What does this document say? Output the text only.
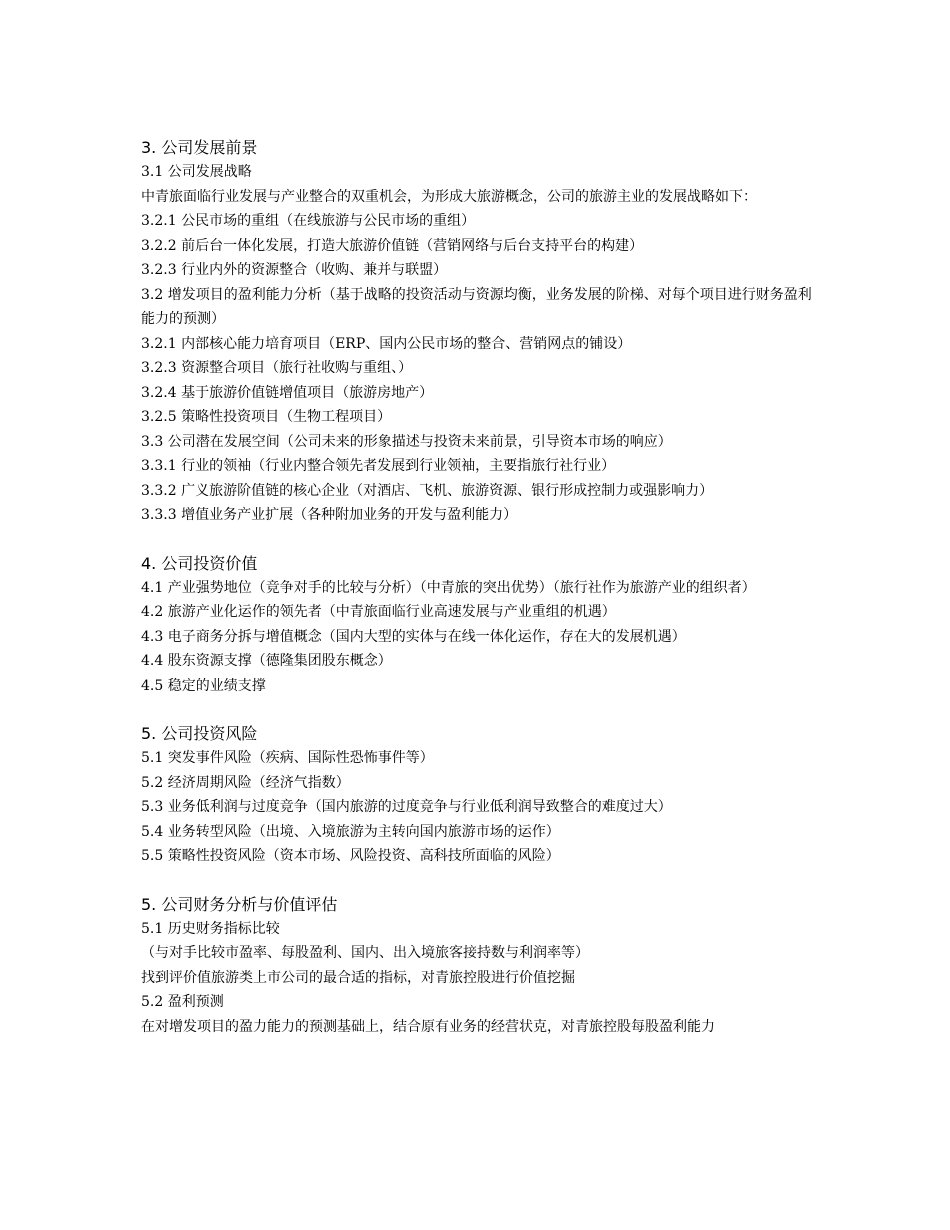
3. 公司发展前景

3.1 公司发展战略

中青旅面临行业发展与产业整合的双重机会，为形成大旅游概念，公司的旅游主业的发展战略如下：

3.2.1 公民市场的重组（在线旅游与公民市场的重组）

3.2.2 前后台一体化发展，打造大旅游价值链（营销网络与后台支持平台的构建）

3.2.3 行业内外的资源整合（收购、兼并与联盟）

3.2 增发项目的盈利能力分析（基于战略的投资活动与资源均衡，业务发展的阶梯、对每个项目进行财务盈利能力的预测）

3.2.1 内部核心能力培育项目（ERP、国内公民市场的整合、营销网点的铺设）

3.2.3 资源整合项目（旅行社收购与重组、）

3.2.4 基于旅游价值链增值项目（旅游房地产）

3.2.5 策略性投资项目（生物工程项目）

3.3 公司潜在发展空间（公司未来的形象描述与投资未来前景，引导资本市场的响应）

3.3.1 行业的领袖（行业内整合领先者发展到行业领袖，主要指旅行社行业）

3.3.2 广义旅游阶值链的核心企业（对酒店、飞机、旅游资源、银行形成控制力或强影响力）

3.3.3 增值业务产业扩展（各种附加业务的开发与盈利能力）

4. 公司投资价值

4.1 产业强势地位（竞争对手的比较与分析）（中青旅的突出优势）（旅行社作为旅游产业的组织者）

4.2 旅游产业化运作的领先者（中青旅面临行业高速发展与产业重组的机遇）

4.3 电子商务分拆与增值概念（国内大型的实体与在线一体化运作，存在大的发展机遇）

4.4 股东资源支撑（德隆集团股东概念）

4.5 稳定的业绩支撑

5. 公司投资风险

5.1 突发事件风险（疾病、国际性恐怖事件等）

5.2 经济周期风险（经济气指数）

5.3 业务低利润与过度竞争（国内旅游的过度竞争与行业低利润导致整合的难度过大）

5.4 业务转型风险（出境、入境旅游为主转向国内旅游市场的运作）

5.5 策略性投资风险（资本市场、风险投资、高科技所面临的风险）

5. 公司财务分析与价值评估

5.1 历史财务指标比较

（与对手比较市盈率、每股盈利、国内、出入境旅客接持数与利润率等）

找到评价值旅游类上市公司的最合适的指标，对青旅控股进行价值挖掘

5.2 盈利预测

在对增发项目的盈力能力的预测基础上，结合原有业务的经营状克，对青旅控股每股盈利能力
